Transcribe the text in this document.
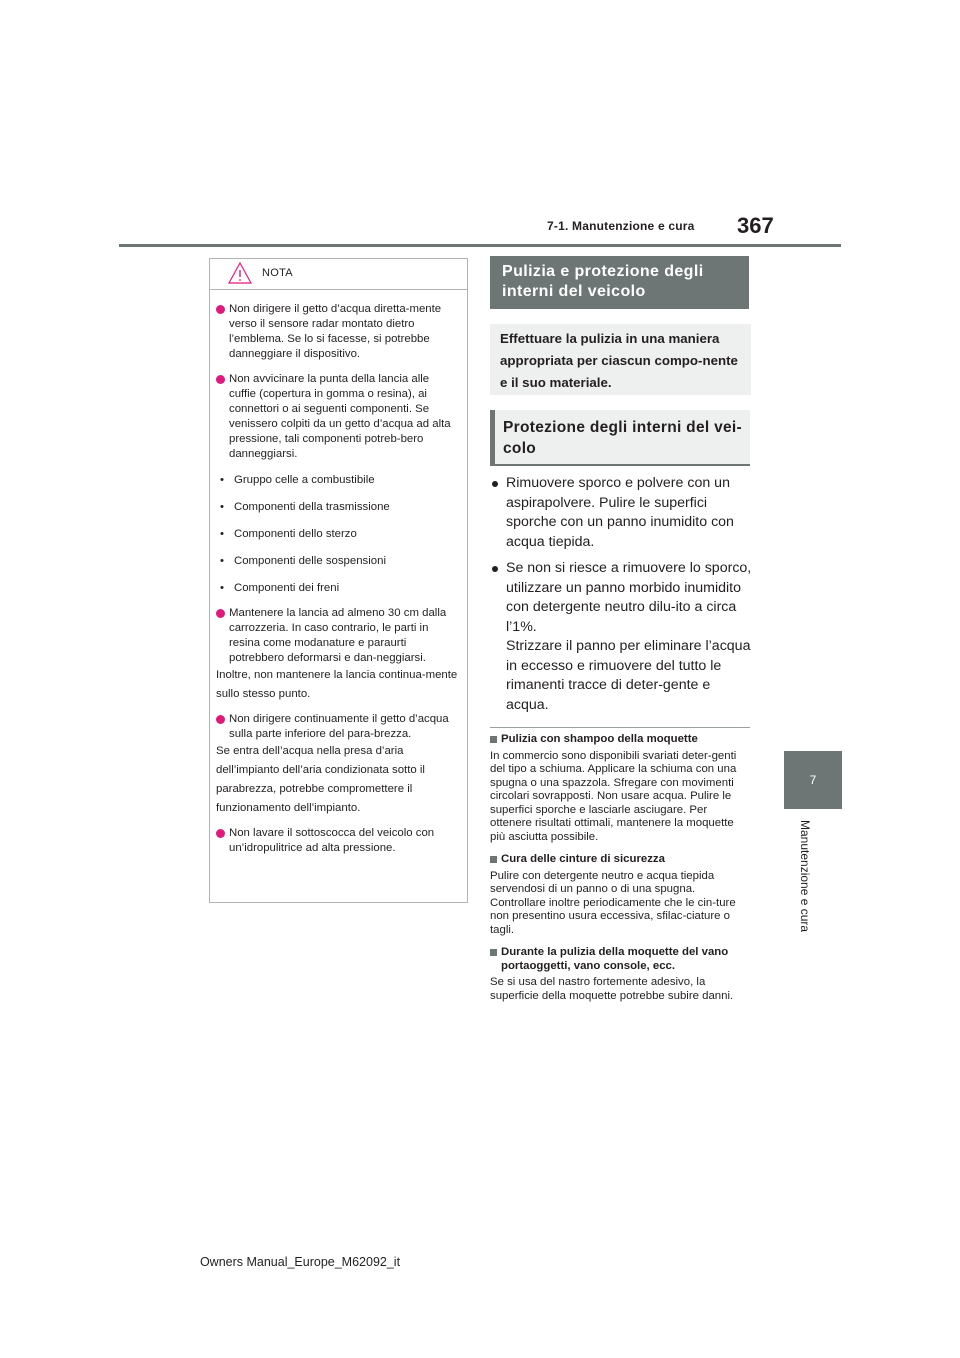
7-1. Manutenzione e cura 367
7
Manutenzione e cura
NOTA

Non dirigere il getto d’acqua diretta-mente verso il sensore radar montato dietro l’emblema. Se lo si facesse, si potrebbe danneggiare il dispositivo.

Non avvicinare la punta della lancia alle cuffie (copertura in gomma o resina), ai connettori o ai seguenti componenti. Se venissero colpiti da un getto d’acqua ad alta pressione, tali componenti potreb-bero danneggiarsi.

• Gruppo celle a combustibile
• Componenti della trasmissione
• Componenti dello sterzo
• Componenti delle sospensioni
• Componenti dei freni

Mantenere la lancia ad almeno 30 cm dalla carrozzeria. In caso contrario, le parti in resina come modanature e paraurti potrebbero deformarsi e dan-neggiarsi.

Inoltre, non mantenere la lancia continua-mente sullo stesso punto.

Non dirigere continuamente il getto d’acqua sulla parte inferiore del para-brezza.

Se entra dell’acqua nella presa d’aria dell’impianto dell’aria condizionata sotto il parabrezza, potrebbe compromettere il funzionamento dell’impianto.

Non lavare il sottoscocca del veicolo con un’idropulitrice ad alta pressione.

Pulizia e protezione degli interni del veicolo
Effettuare la pulizia in una maniera appropriata per ciascun compo-nente e il suo materiale.
Protezione degli interni del vei-colo
Rimuovere sporco e polvere con un aspirapolvere. Pulire le superfici sporche con un panno inumidito con acqua tiepida.
Se non si riesce a rimuovere lo sporco, utilizzare un panno morbido inumidito con detergente neutro dilu-ito a circa l’1%.
Strizzare il panno per eliminare l’acqua in eccesso e rimuovere del tutto le rimanenti tracce di deter-gente e acqua.
Pulizia con shampoo della moquette

In commercio sono disponibili svariati deter-genti del tipo a schiuma. Applicare la schiuma con una spugna o una spazzola. Sfregare con movimenti circolari sovrapposti. Non usare acqua. Pulire le superfici sporche e lasciarle asciugare. Per ottenere risultati ottimali, mantenere la moquette più asciutta possibile.

Cura delle cinture di sicurezza

Pulire con detergente neutro e acqua tiepida servendosi di un panno o di una spugna. Controllare inoltre periodicamente che le cin-ture non presentino usura eccessiva, sfilac-ciature o tagli.

Durante la pulizia della moquette del vano portaoggetti, vano console, ecc.

Se si usa del nastro fortemente adesivo, la superficie della moquette potrebbe subire danni.

Owners Manual_Europe_M62092_it
